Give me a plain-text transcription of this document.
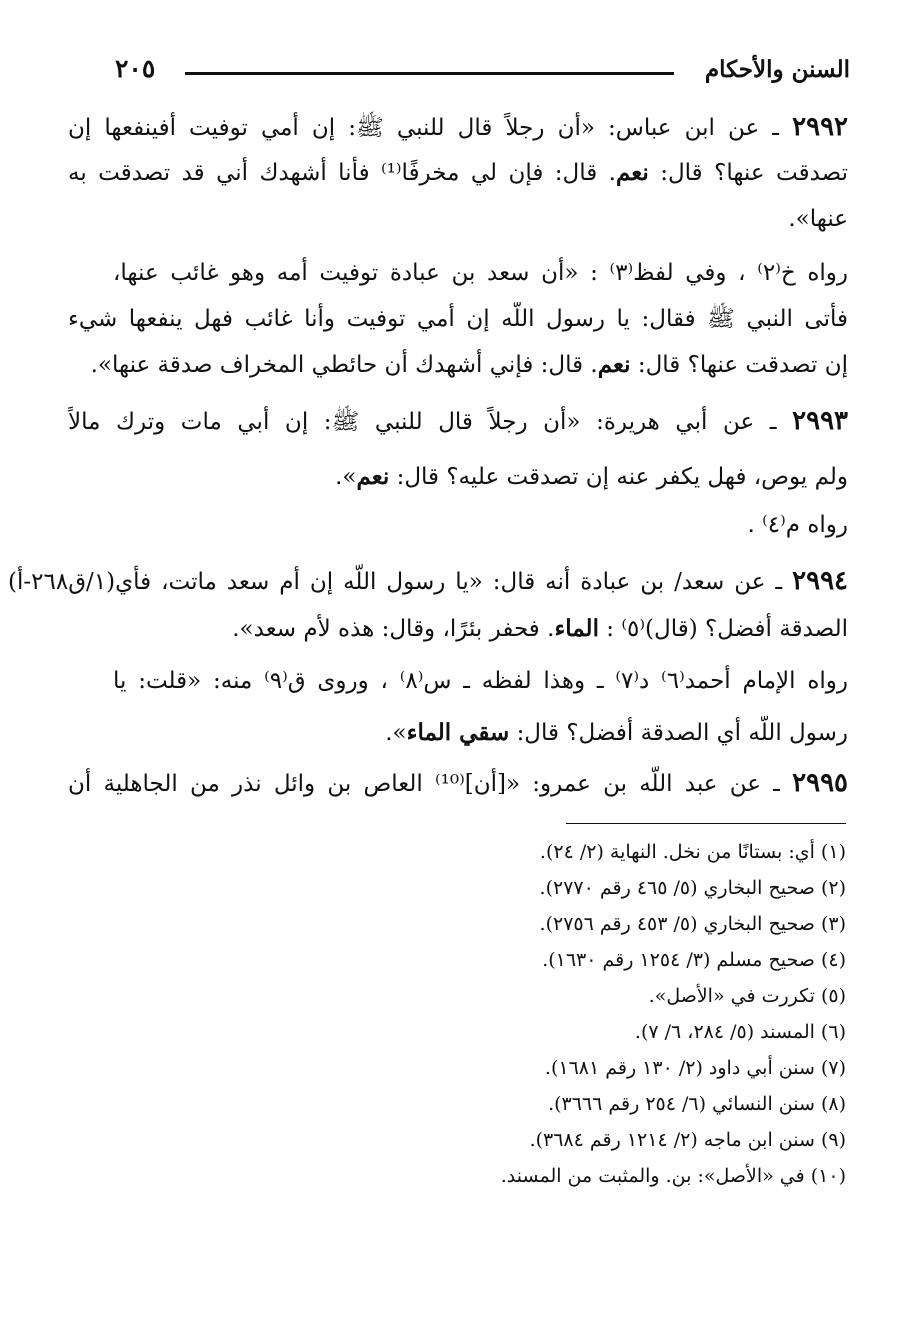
السنن والأحكام
٢٠٥
٢٩٩٢ ـ عن ابن عباس: «أن رجلاً قال للنبي ﷺ: إن أمي توفيت أفينفعها إن
تصدقت عنها؟ قال: نعم. قال: فإن لي مخرفًا⁽¹⁾ فأنا أشهدك أني قد تصدقت به
عنها».
رواه خ⁽٢⁾ ، وفي لفظ⁽٣⁾ : «أن سعد بن عبادة توفيت أمه وهو غائب عنها،
فأتى النبي ﷺ فقال: يا رسول اللّه إن أمي توفيت وأنا غائب فهل ينفعها شيء
إن تصدقت عنها؟ قال: نعم. قال: فإني أشهدك أن حائطي المخراف صدقة عنها».
٢٩٩٣ ـ عن أبي هريرة: «أن رجلاً قال للنبي ﷺ: إن أبي مات وترك مالاً
ولم يوص، فهل يكفر عنه إن تصدقت عليه؟ قال: نعم».
رواه م⁽٤⁾ .
٢٩٩٤ ـ عن سعد/ بن عبادة أنه قال: «يا رسول اللّه إن أم سعد ماتت، فأي(١/ق٢٦٨-أ)
الصدقة أفضل؟ (قال)⁽٥⁾ : الماء. فحفر بئرًا، وقال: هذه لأم سعد».
رواه الإمام أحمد⁽٦⁾ د⁽٧⁾ ـ وهذا لفظه ـ س⁽٨⁾ ، وروى ق⁽٩⁾ منه: «قلت: يا
رسول اللّه أي الصدقة أفضل؟ قال: سقي الماء».
٢٩٩٥ ـ عن عبد اللّه بن عمرو: «[أن]⁽¹⁰⁾ العاص بن وائل نذر من الجاهلية أن
(١) أي: بستانًا من نخل. النهاية (٢/ ٢٤).
(٢) صحيح البخاري (٥/ ٤٦٥ رقم ٢٧٧٠).
(٣) صحيح البخاري (٥/ ٤٥٣ رقم ٢٧٥٦).
(٤) صحيح مسلم (٣/ ١٢٥٤ رقم ١٦٣٠).
(٥) تكررت في «الأصل».
(٦) المسند (٥/ ٢٨٤، ٦/ ٧).
(٧) سنن أبي داود (٢/ ١٣٠ رقم ١٦٨١).
(٨) سنن النسائي (٦/ ٢٥٤ رقم ٣٦٦٦).
(٩) سنن ابن ماجه (٢/ ١٢١٤ رقم ٣٦٨٤).
(١٠) في «الأصل»: بن. والمثبت من المسند.
